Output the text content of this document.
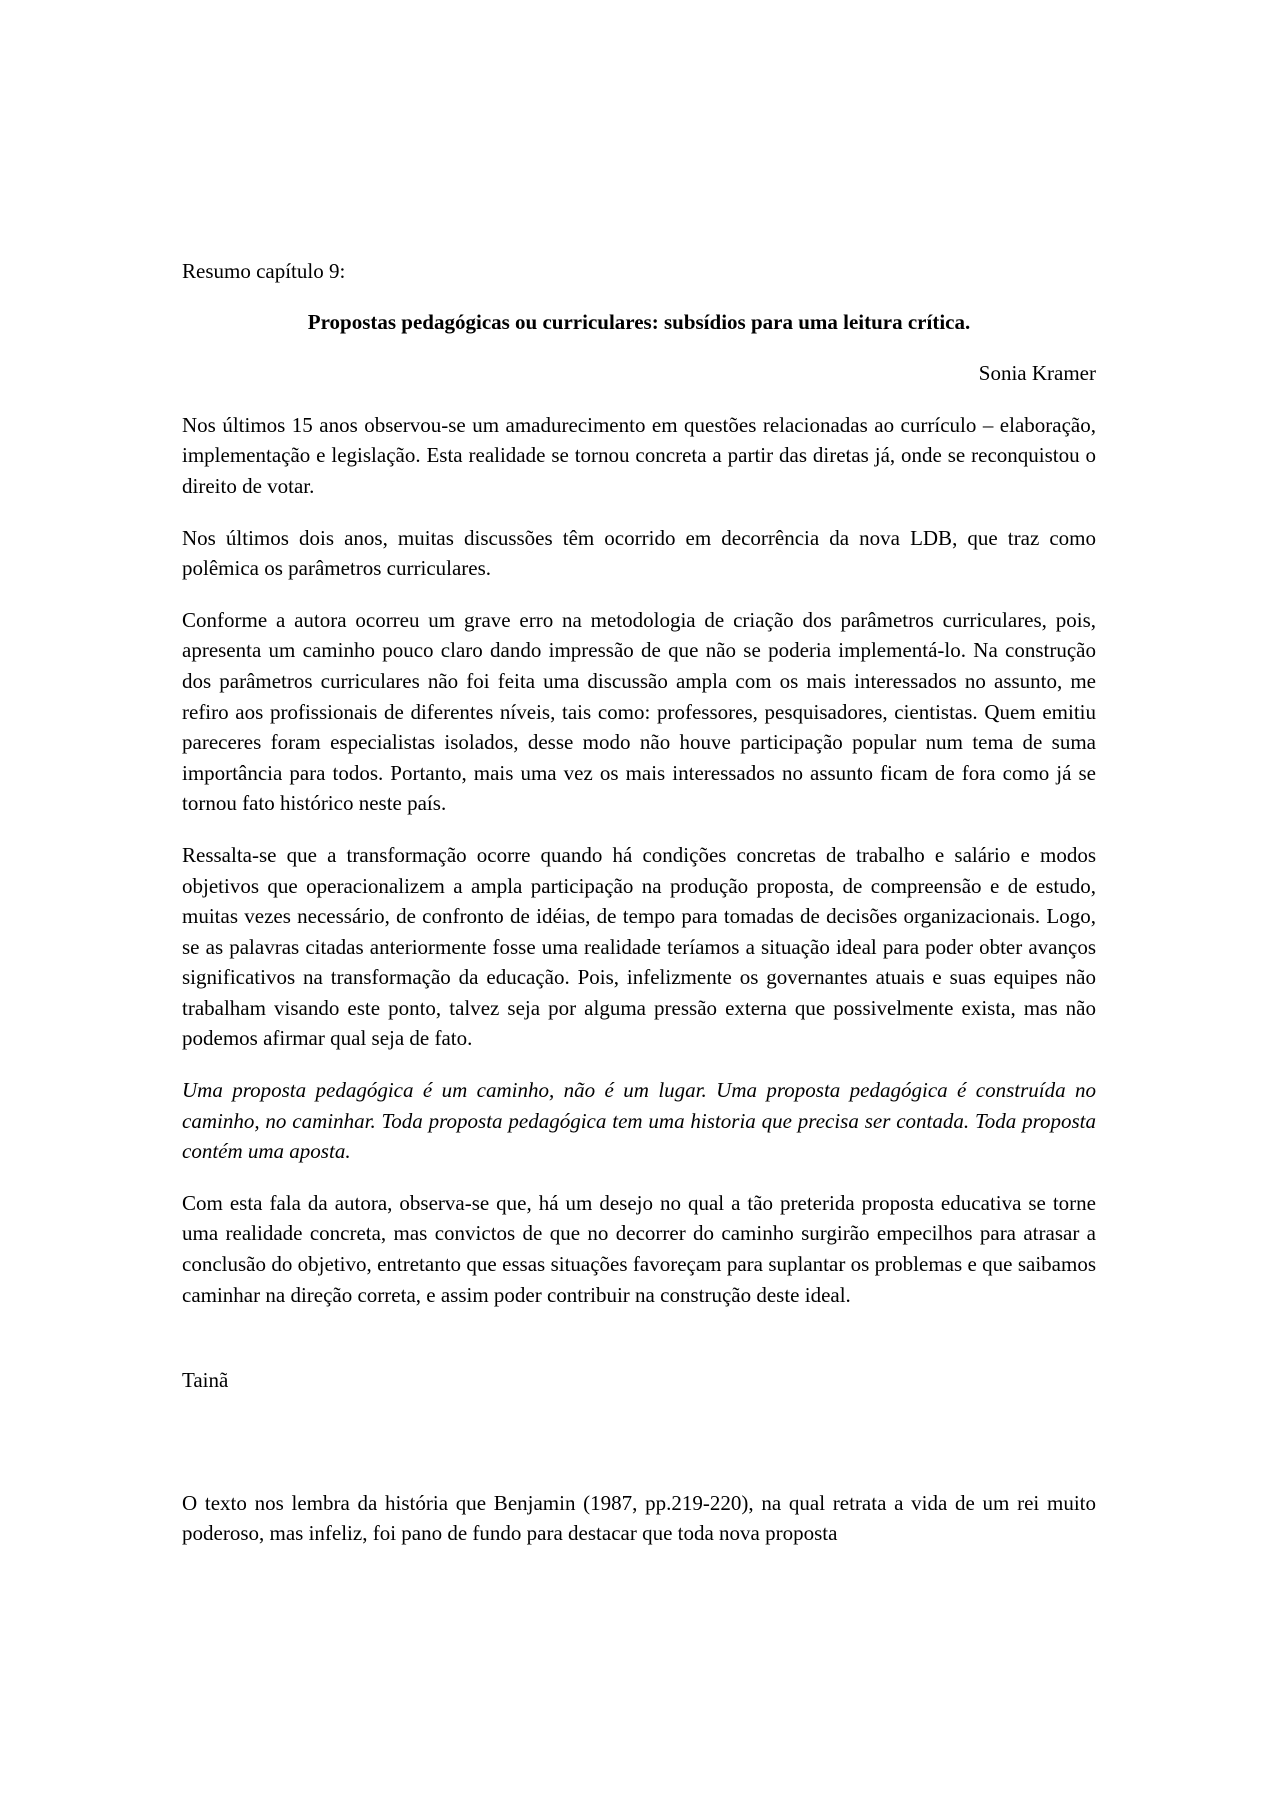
Resumo capítulo 9:

Propostas pedagógicas ou curriculares: subsídios para uma leitura crítica.

Sonia Kramer

Nos últimos 15 anos observou-se um amadurecimento em questões relacionadas ao currículo – elaboração, implementação e legislação. Esta realidade se tornou concreta a partir das diretas já, onde se reconquistou o direito de votar.

Nos últimos dois anos, muitas discussões têm ocorrido em decorrência da nova LDB, que traz como polêmica os parâmetros curriculares.

Conforme a autora ocorreu um grave erro na metodologia de criação dos parâmetros curriculares, pois, apresenta um caminho pouco claro dando impressão de que não se poderia implementá-lo. Na construção dos parâmetros curriculares não foi feita uma discussão ampla com os mais interessados no assunto, me refiro aos profissionais de diferentes níveis, tais como: professores, pesquisadores, cientistas. Quem emitiu pareceres foram especialistas isolados, desse modo não houve participação popular num tema de suma importância para todos. Portanto, mais uma vez os mais interessados no assunto ficam de fora como já se tornou fato histórico neste país.

Ressalta-se que a transformação ocorre quando há condições concretas de trabalho e salário e modos objetivos que operacionalizem a ampla participação na produção proposta, de compreensão e de estudo, muitas vezes necessário, de confronto de idéias, de tempo para tomadas de decisões organizacionais. Logo, se as palavras citadas anteriormente fosse uma realidade teríamos a situação ideal para poder obter avanços significativos na transformação da educação. Pois, infelizmente os governantes atuais e suas equipes não trabalham visando este ponto, talvez seja por alguma pressão externa que possivelmente exista, mas não podemos afirmar qual seja de fato.

Uma proposta pedagógica é um caminho, não é um lugar. Uma proposta pedagógica é construída no caminho, no caminhar. Toda proposta pedagógica tem uma historia que precisa ser contada. Toda proposta contém uma aposta.

Com esta fala da autora, observa-se que, há um desejo no qual a tão preterida proposta educativa se torne uma realidade concreta, mas convictos de que no decorrer do caminho surgirão empecilhos para atrasar a conclusão do objetivo, entretanto que essas situações favoreçam para suplantar os problemas e que saibamos caminhar na direção correta, e assim poder contribuir na construção deste ideal.

Tainã

O texto nos lembra da história que Benjamin (1987, pp.219-220), na qual retrata a vida de um rei muito poderoso, mas infeliz, foi pano de fundo para destacar que toda nova proposta
